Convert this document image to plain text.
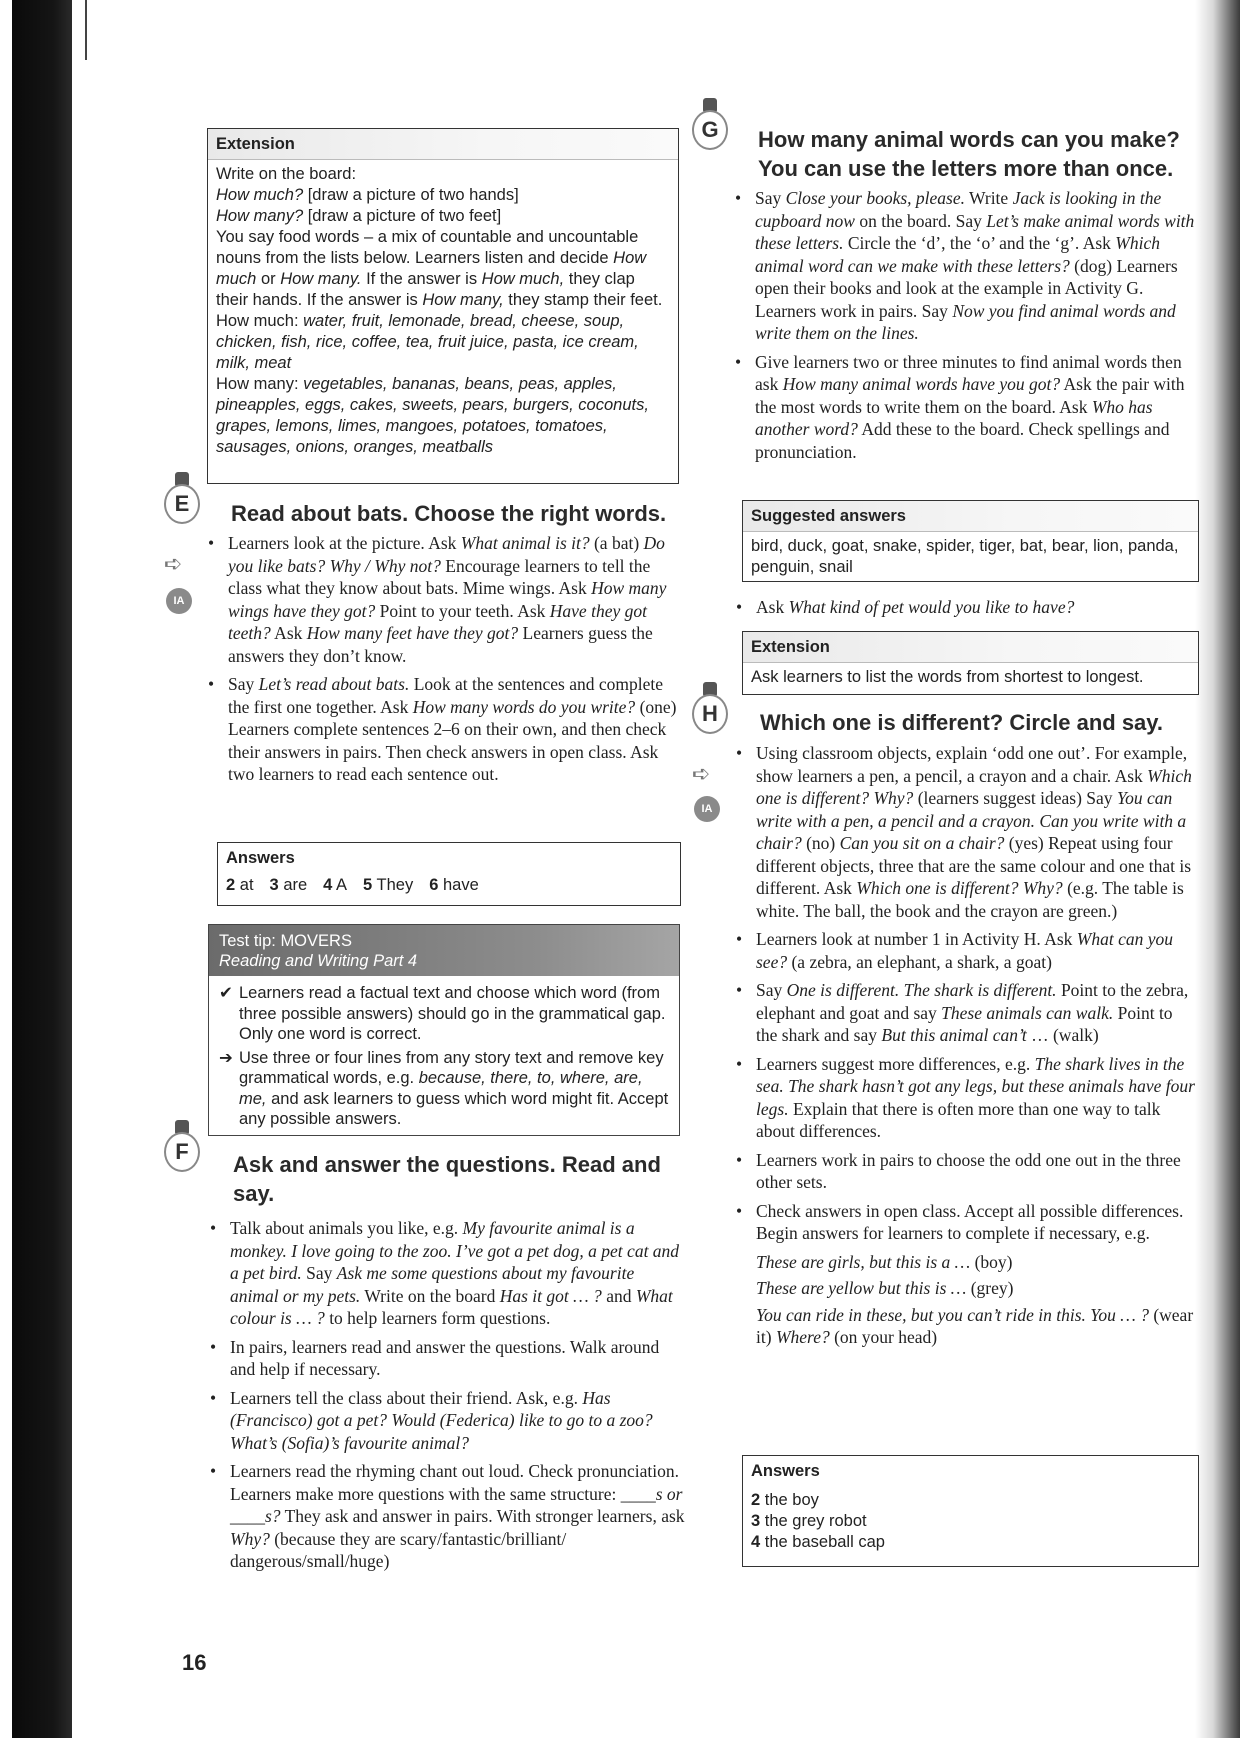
Extension

Write on the board:

How much? [draw a picture of two hands]

How many? [draw a picture of two feet]

You say food words – a mix of countable and uncountable nouns from the lists below. Learners listen and decide How much or How many. If the answer is How much, they clap their hands. If the answer is How many, they stamp their feet.

How much: water, fruit, lemonade, bread, cheese, soup, chicken, fish, rice, coffee, tea, fruit juice, pasta, ice cream, milk, meat

How many: vegetables, bananas, beans, peas, apples, pineapples, eggs, cakes, sweets, pears, burgers, coconuts, grapes, lemons, limes, mangoes, potatoes, tomatoes, sausages, onions, oranges, meatballs

E
➪
IA
Read about bats. Choose the right words.
• Learners look at the picture. Ask What animal is it? (a bat) Do you like bats? Why / Why not? Encourage learners to tell the class what they know about bats. Mime wings. Ask How many wings have they got? Point to your teeth. Ask Have they got teeth? Ask How many feet have they got? Learners guess the answers they don’t know.
• Say Let’s read about bats. Look at the sentences and complete the first one together. Ask How many words do you write? (one) Learners complete sentences 2–6 on their own, and then check their answers in pairs. Then check answers in open class. Ask two learners to read each sentence out.
Answers
2 at 3 are 4 A 5 They 6 have
Test tip: MOVERS
Reading and Writing Part 4
✔ Learners read a factual text and choose which word (from three possible answers) should go in the grammatical gap. Only one word is correct.
➔ Use three or four lines from any story text and remove key grammatical words, e.g. because, there, to, where, are, me, and ask learners to guess which word might fit. Accept any possible answers.
F
Ask and answer the questions. Read and say.
• Talk about animals you like, e.g. My favourite animal is a monkey. I love going to the zoo. I’ve got a pet dog, a pet cat and a pet bird. Say Ask me some questions about my favourite animal or my pets. Write on the board Has it got … ? and What colour is … ? to help learners form questions.
• In pairs, learners read and answer the questions. Walk around and help if necessary.
• Learners tell the class about their friend. Ask, e.g. Has (Francisco) got a pet? Would (Federica) like to go to a zoo? What’s (Sofia)’s favourite animal?
• Learners read the rhyming chant out loud. Check pronunciation. Learners make more questions with the same structure: ____s or ____s? They ask and answer in pairs. With stronger learners, ask Why? (because they are scary/fantastic/brilliant/ dangerous/small/huge)
16
G	How many animal words can you make? You can use the letters more than once.
• Say Close your books, please. Write Jack is looking in the cupboard now on the board. Say Let’s make animal words with these letters. Circle the ‘d’, the ‘o’ and the ‘g’. Ask Which animal word can we make with these letters? (dog) Learners open their books and look at the example in Activity G. Learners work in pairs. Say Now you find animal words and write them on the lines.
• Give learners two or three minutes to find animal words then ask How many animal words have you got? Ask the pair with the most words to write them on the board. Ask Who has another word? Add these to the board. Check spellings and pronunciation.
Suggested answers
bird, duck, goat, snake, spider, tiger, bat, bear, lion, panda, penguin, snail
• Ask What kind of pet would you like to have?
Extension
Ask learners to list the words from shortest to longest.
H
➪
IA
Which one is different? Circle and say.
• Using classroom objects, explain ‘odd one out’. For example, show learners a pen, a pencil, a crayon and a chair. Ask Which one is different? Why? (learners suggest ideas) Say You can write with a pen, a pencil and a crayon. Can you write with a chair? (no) Can you sit on a chair? (yes) Repeat using four different objects, three that are the same colour and one that is different. Ask Which one is different? Why? (e.g. The table is white. The ball, the book and the crayon are green.)
• Learners look at number 1 in Activity H. Ask What can you see? (a zebra, an elephant, a shark, a goat)
• Say One is different. The shark is different. Point to the zebra, elephant and goat and say These animals can walk. Point to the shark and say But this animal can’t … (walk)
• Learners suggest more differences, e.g. The shark lives in the sea. The shark hasn’t got any legs, but these animals have four legs. Explain that there is often more than one way to talk about differences.
• Learners work in pairs to choose the odd one out in the three other sets.
• Check answers in open class. Accept all possible differences. Begin answers for learners to complete if necessary, e.g.
These are girls, but this is a … (boy)
These are yellow but this is … (grey)
You can ride in these, but you can’t ride in this. You … ? (wear it) Where? (on your head)
Answers
2 the boy
3 the grey robot
4 the baseball cap
